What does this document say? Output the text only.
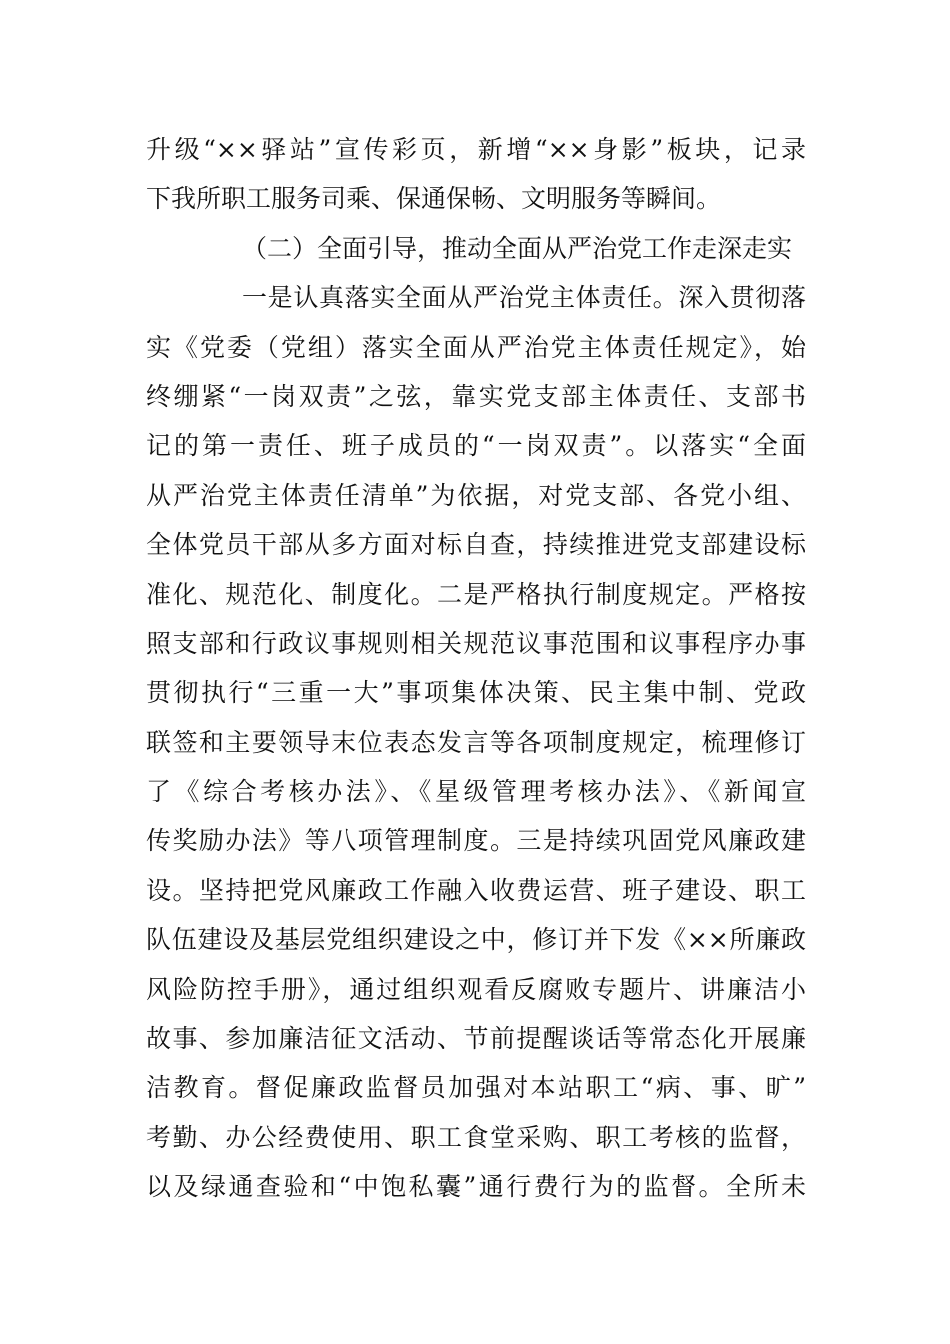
升级“××驿站”宣传彩页，新增“××身影”板块，记录
下我所职工服务司乘、保通保畅、文明服务等瞬间。
（二）全面引导，推动全面从严治党工作走深走实
一是认真落实全面从严治党主体责任。深入贯彻落
实《党委（党组）落实全面从严治党主体责任规定》，始
终绷紧“一岗双责”之弦，靠实党支部主体责任、支部书
记的第一责任、班子成员的“一岗双责”。以落实“全面
从严治党主体责任清单”为依据，对党支部、各党小组、
全体党员干部从多方面对标自查，持续推进党支部建设标
准化、规范化、制度化。二是严格执行制度规定。严格按
照支部和行政议事规则相关规范议事范围和议事程序办事
贯彻执行“三重一大”事项集体决策、民主集中制、党政
联签和主要领导末位表态发言等各项制度规定，梳理修订
了《综合考核办法》、《星级管理考核办法》、《新闻宣
传奖励办法》等八项管理制度。三是持续巩固党风廉政建
设。坚持把党风廉政工作融入收费运营、班子建设、职工
队伍建设及基层党组织建设之中，修订并下发《××所廉政
风险防控手册》，通过组织观看反腐败专题片、讲廉洁小
故事、参加廉洁征文活动、节前提醒谈话等常态化开展廉
洁教育。督促廉政监督员加强对本站职工“病、事、旷”
考勤、办公经费使用、职工食堂采购、职工考核的监督，
以及绿通查验和“中饱私囊”通行费行为的监督。全所未
